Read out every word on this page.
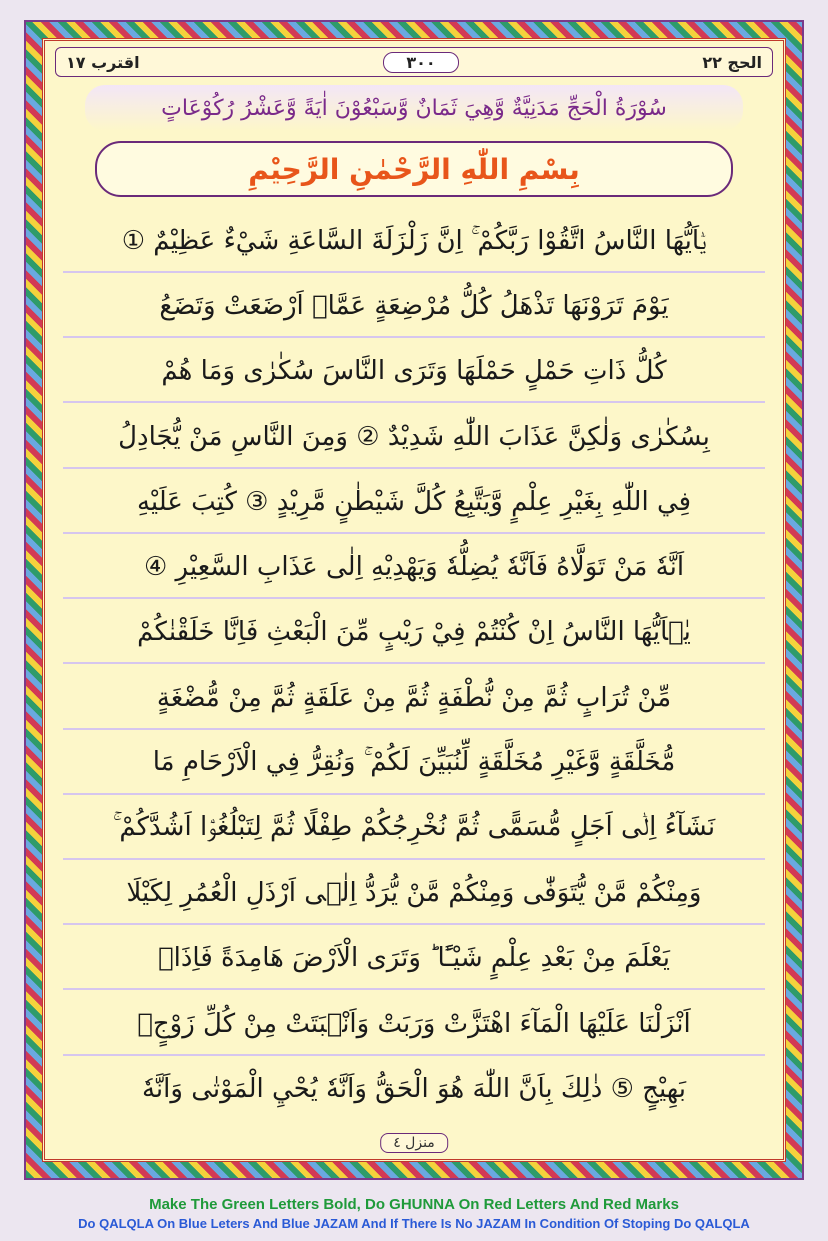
اقترب ١٧	٣٠٠	الحج ٢٢
سُوْرَةُ الْحَجِّ مَدَنِيَّةٌ وَّهِيَ ثَمَانٌ وَّسَبْعُوْنَ اٰيَةً وَّعَشْرُ رُكُوْعَاتٍ
بِسْمِ اللّٰهِ الرَّحْمٰنِ الرَّحِيْمِ
يٰۤاَيُّهَا النَّاسُ اتَّقُوْا رَبَّكُمْ ۚ اِنَّ زَلْزَلَةَ السَّاعَةِ شَيْءٌ عَظِيْمٌ ①
يَوْمَ تَرَوْنَهَا تَذْهَلُ كُلُّ مُرْضِعَةٍ عَمَّاۤ اَرْضَعَتْ وَتَضَعُ
كُلُّ ذَاتِ حَمْلٍ حَمْلَهَا وَتَرَى النَّاسَ سُكٰرٰى وَمَا هُمْ
بِسُكٰرٰى وَلٰكِنَّ عَذَابَ اللّٰهِ شَدِيْدٌ ② وَمِنَ النَّاسِ مَنْ يُّجَادِلُ
فِي اللّٰهِ بِغَيْرِ عِلْمٍ وَّيَتَّبِعُ كُلَّ شَيْطٰنٍ مَّرِيْدٍ ③ كُتِبَ عَلَيْهِ
اَنَّهٗ مَنْ تَوَلَّاهُ فَاَنَّهٗ يُضِلُّهٗ وَيَهْدِيْهِ اِلٰى عَذَابِ السَّعِيْرِ ④
يٰۤاَيُّهَا النَّاسُ اِنْ كُنْتُمْ فِيْ رَيْبٍ مِّنَ الْبَعْثِ فَاِنَّا خَلَقْنٰكُمْ
مِّنْ تُرَابٍ ثُمَّ مِنْ نُّطْفَةٍ ثُمَّ مِنْ عَلَقَةٍ ثُمَّ مِنْ مُّضْغَةٍ
مُّخَلَّقَةٍ وَّغَيْرِ مُخَلَّقَةٍ لِّنُبَيِّنَ لَكُمْ ۚ وَنُقِرُّ فِي الْاَرْحَامِ مَا
نَشَآءُ اِلٰۤى اَجَلٍ مُّسَمًّى ثُمَّ نُخْرِجُكُمْ طِفْلًا ثُمَّ لِتَبْلُغُوْۤا اَشُدَّكُمْ ۚ
وَمِنْكُمْ مَّنْ يُّتَوَفّٰى وَمِنْكُمْ مَّنْ يُّرَدُّ اِلٰۤى اَرْذَلِ الْعُمُرِ لِكَيْلَا
يَعْلَمَ مِنْ بَعْدِ عِلْمٍ شَيْـًٔا ؕ وَتَرَى الْاَرْضَ هَامِدَةً فَاِذَاۤ
اَنْزَلْنَا عَلَيْهَا الْمَآءَ اهْتَزَّتْ وَرَبَتْ وَاَنْۢبَتَتْ مِنْ كُلِّ زَوْجٍۢ
بَهِيْجٍ ⑤ ذٰلِكَ بِاَنَّ اللّٰهَ هُوَ الْحَقُّ وَاَنَّهٗ يُحْيِ الْمَوْتٰى وَاَنَّهٗ
منزل ٤
Make The Green Letters Bold, Do GHUNNA On Red Letters And Red Marks
Do QALQLA On Blue Leters And Blue JAZAM And If There Is No JAZAM In Condition Of Stoping Do QALQLA
